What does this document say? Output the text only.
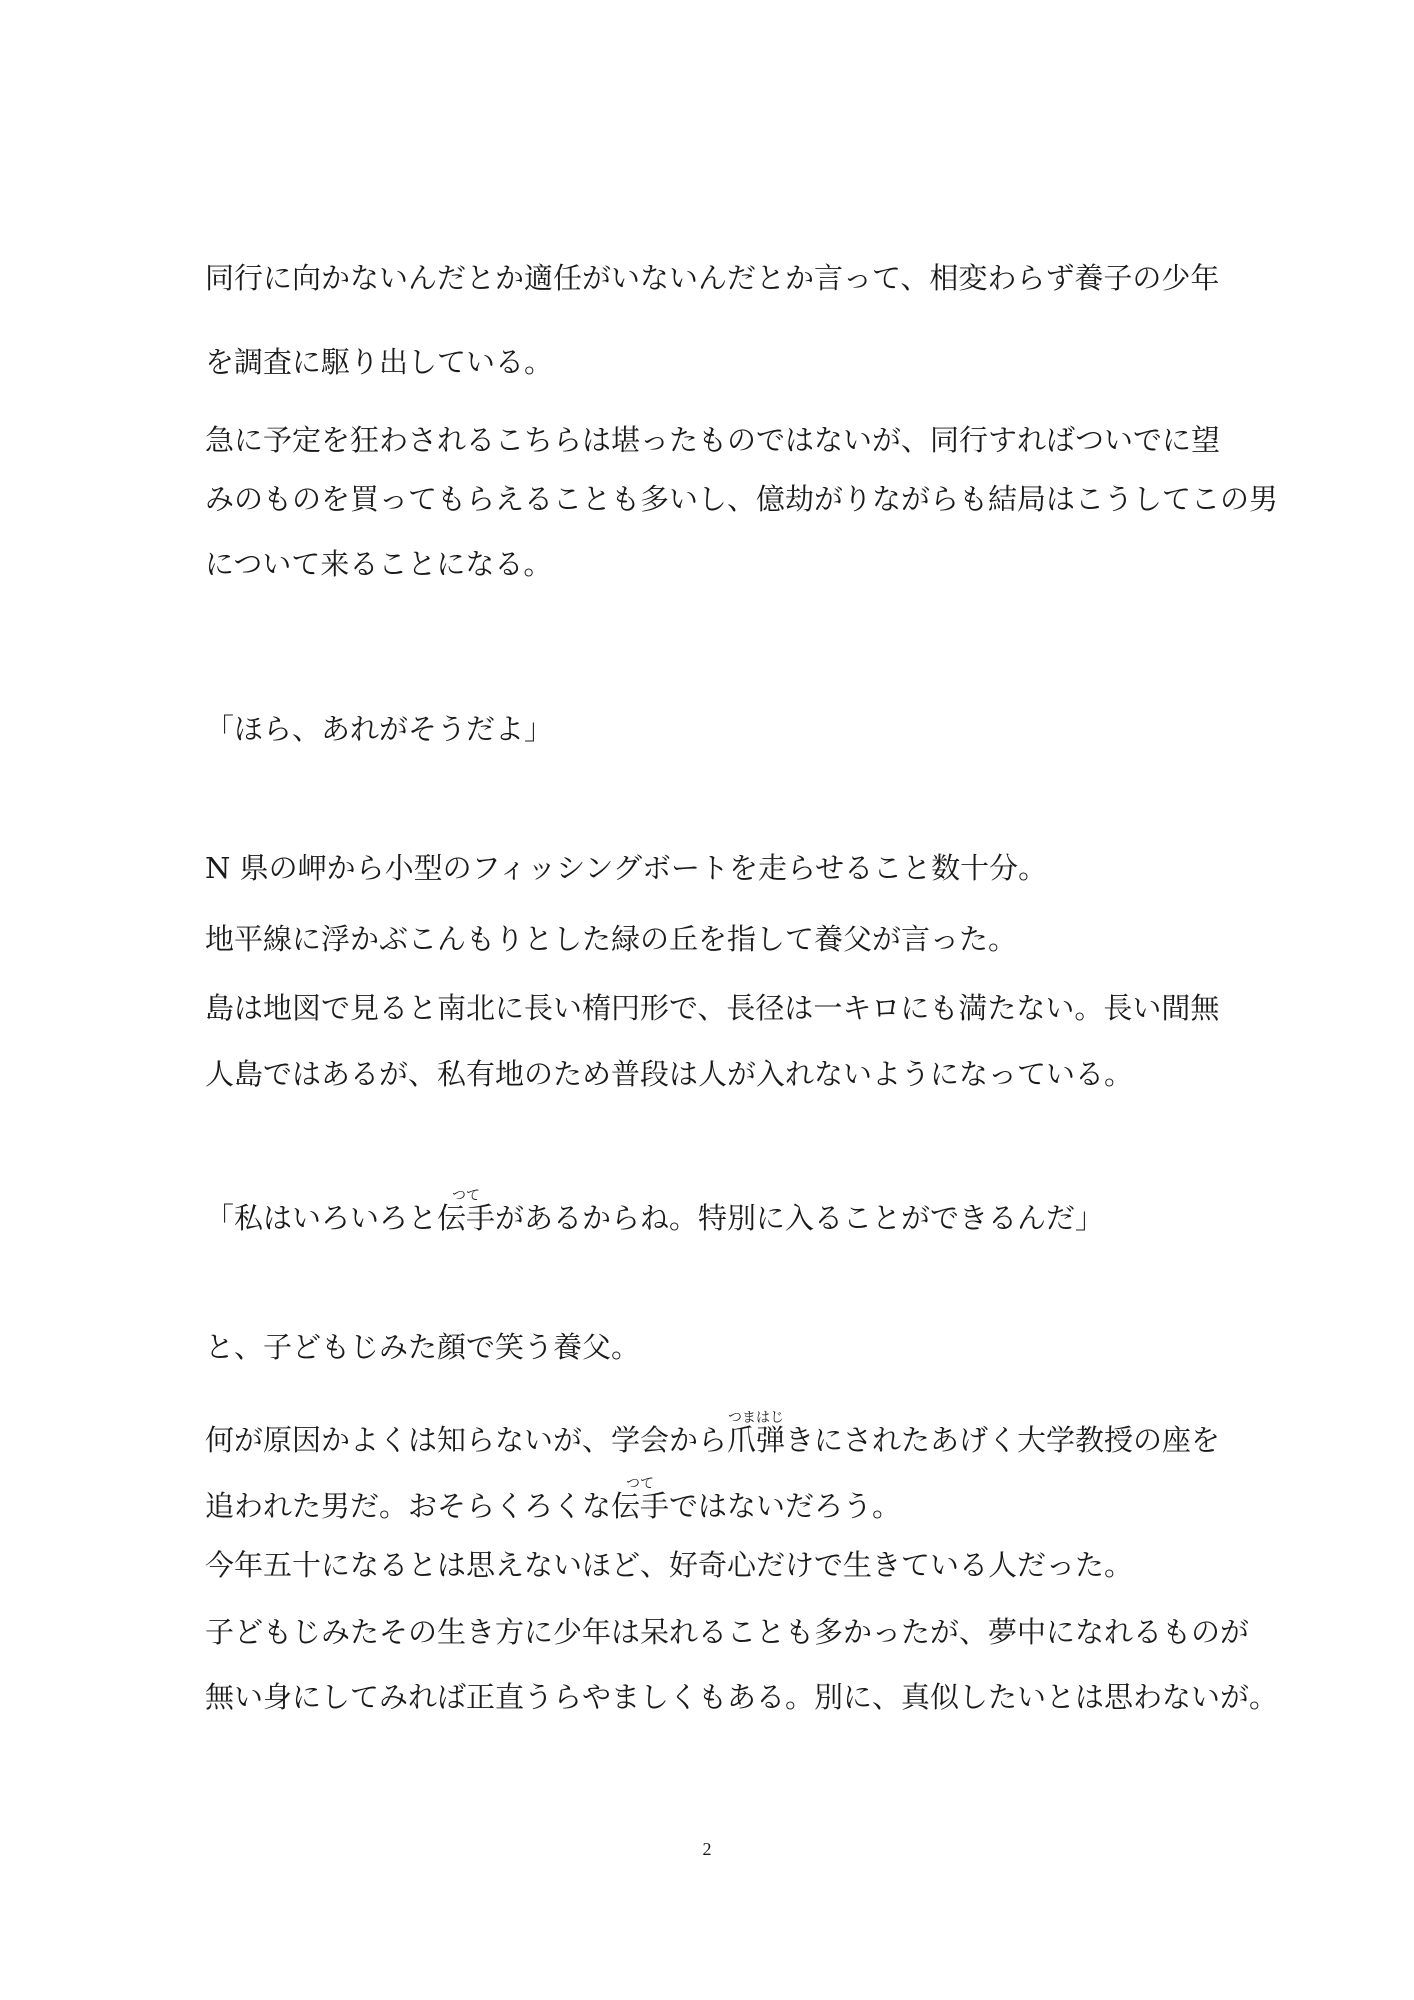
同行に向かないんだとか適任がいないんだとか言って、相変わらず養子の少年
を調査に駆り出している。
急に予定を狂わされるこちらは堪ったものではないが、同行すればついでに望
みのものを買ってもらえることも多いし、億劫がりながらも結局はこうしてこの男
について来ることになる。
「ほら、あれがそうだよ」
N 県の岬から小型のフィッシングボートを走らせること数十分。
地平線に浮かぶこんもりとした緑の丘を指して養父が言った。
島は地図で見ると南北に長い楕円形で、長径は一キロにも満たない。長い間無
人島ではあるが、私有地のため普段は人が入れないようになっている。
「私はいろいろと伝手つてがあるからね。特別に入ることができるんだ」
と、子どもじみた顔で笑う養父。
何が原因かよくは知らないが、学会から爪弾つまはじきにされたあげく大学教授の座を
追われた男だ。おそらくろくな伝手つてではないだろう。
今年五十になるとは思えないほど、好奇心だけで生きている人だった。
子どもじみたその生き方に少年は呆れることも多かったが、夢中になれるものが
無い身にしてみれば正直うらやましくもある。別に、真似したいとは思わないが。
2
